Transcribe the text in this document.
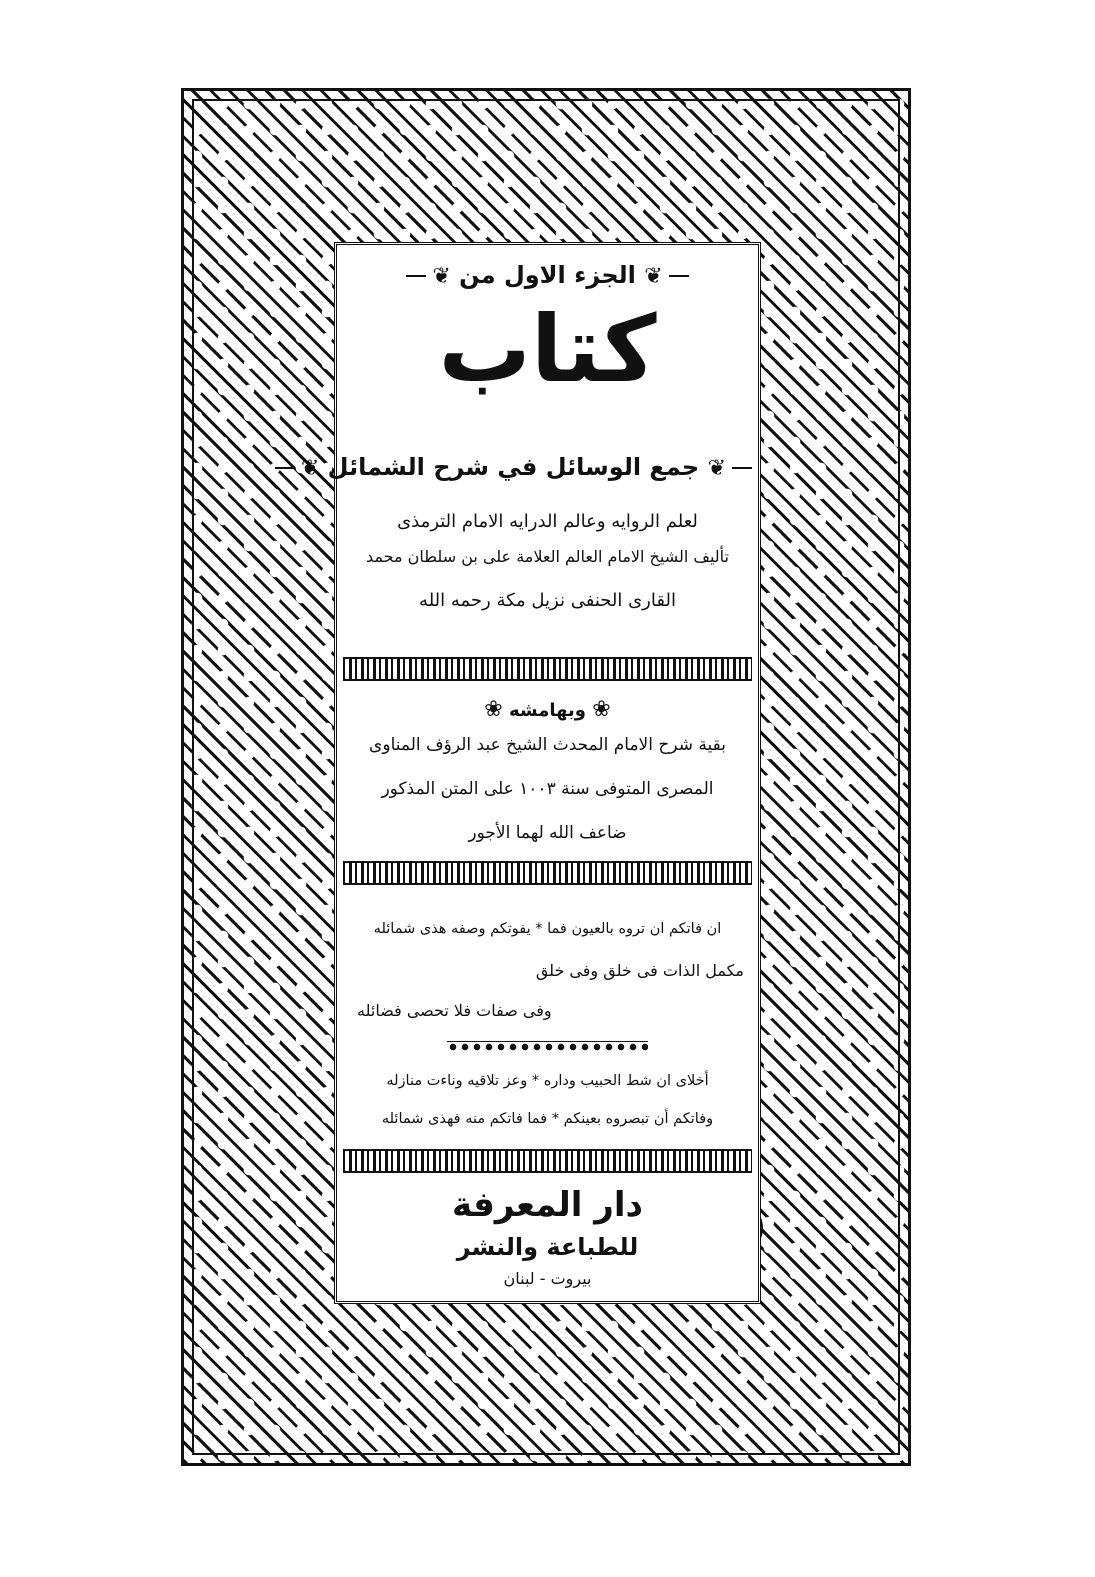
❦ الجزء الاول من ❦
كتاب
❦ جمع الوسائل في شرح الشمائل ❦
لعلم الروايه وعالم الدرايه الامام الترمذى
تأليف الشيخ الامام العالم العلامة على بن سلطان محمد
القارى الحنفى نزيل مكة رحمه الله
❀ وبهامشه ❀
بقية شرح الامام المحدث الشيخ عبد الرؤف المناوى
المصرى المتوفى سنة ١٠٠٣ على المتن المذكور
ضاعف الله لهما الأجور
ان فاتكم ان تروه بالعيون فما * يفوتكم وصفه هذى شمائله
مكمل الذات فى خلق وفى خلق
وفى صفات فلا تحصى فضائله
أخلاى ان شط الحبيب وداره * وعز تلاقيه وناءت منازله
وفاتكم أن تبصروه بعينكم * فما فاتكم منه فهذى شمائله
دار المعرفة
للطباعة والنشر
بيروت - لبنان
